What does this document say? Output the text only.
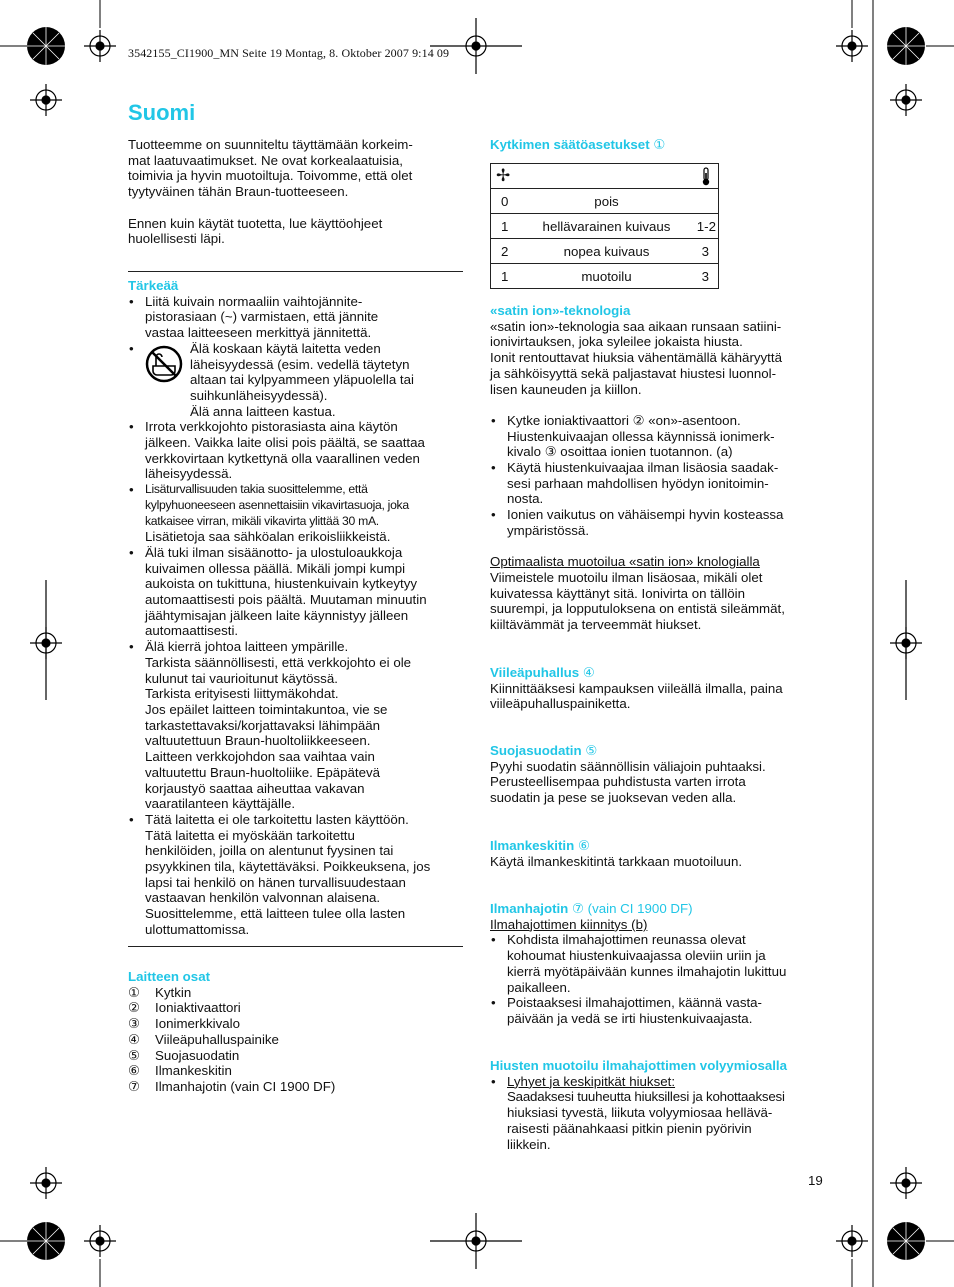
3542155_CI1900_MN Seite 19 Montag, 8. Oktober 2007 9:14 09
Suomi

Tuotteemme on suunniteltu täyttämään korkeim-

mat laatuvaatimukset. Ne ovat korkealaatuisia,

toimivia ja hyvin muotoiltuja. Toivomme, että olet

tyytyväinen tähän Braun-tuotteeseen.

Ennen kuin käytät tuotetta, lue käyttöohjeet

huolellisesti läpi.

Tärkeää

• Liitä kuivain normaaliin vaihtojännite-

pistorasiaan (~) varmistaen, että jännite

vastaa laitteeseen merkittyä jännitettä.

• Älä koskaan käytä laitetta veden

läheisyydessä (esim. vedellä täytetyn

altaan tai kylpyammeen yläpuolella tai

suihkunläheisyydessä).

Älä anna laitteen kastua.

• Irrota verkkojohto pistorasiasta aina käytön

jälkeen. Vaikka laite olisi pois päältä, se saattaa

verkkovirtaan kytkettynä olla vaarallinen veden

läheisyydessä.

• Lisäturvallisuuden takia suosittelemme, että

kylpyhuoneeseen asennettaisiin vikavirtasuoja, joka

katkaisee virran, mikäli vikavirta ylittää 30 mA.

Lisätietoja saa sähköalan erikoisliikkeistä.

• Älä tuki ilman sisäänotto- ja ulostuloaukkoja

kuivaimen ollessa päällä. Mikäli jompi kumpi

aukoista on tukittuna, hiustenkuivain kytkeytyy

automaattisesti pois päältä. Muutaman minuutin

jäähtymisajan jälkeen laite käynnistyy jälleen

automaattisesti.

• Älä kierrä johtoa laitteen ympärille.

Tarkista säännöllisesti, että verkkojohto ei ole

kulunut tai vaurioitunut käytössä.

Tarkista erityisesti liittymäkohdat.

Jos epäilet laitteen toimintakuntoa, vie se

tarkastettavaksi/korjattavaksi lähimpään

valtuutettuun Braun-huoltoliikkeeseen.

Laitteen verkkojohdon saa vaihtaa vain

valtuutettu Braun-huoltoliike. Epäpätevä

korjaustyö saattaa aiheuttaa vakavan

vaaratilanteen käyttäjälle.

• Tätä laitetta ei ole tarkoitettu lasten käyttöön.

Tätä laitetta ei myöskään tarkoitettu

henkilöiden, joilla on alentunut fyysinen tai

psyykkinen tila, käytettäväksi. Poikkeuksena, jos

lapsi tai henkilö on hänen turvallisuudestaan

vastaavan henkilön valvonnan alaisena.

Suosittelemme, että laitteen tulee olla lasten

ulottumattomissa.

Laitteen osat

① Kytkin
② Ioniaktivaattori
③ Ionimerkkivalo
④ Viileäpuhalluspainike
⑤ Suojasuodatin
⑥ Ilmankeskitin
⑦ Ilmanhajotin (vain CI 1900 DF)

Kytkimen säätöasetukset ①

✢		

0	pois	
1	hellävarainen kuivaus	1-2
2	nopea kuivaus	3
1	muotoilu	3

«satin ion»-teknologia

«satin ion»-teknologia saa aikaan runsaan satiini-

ionivirtauksen, joka syleilee jokaista hiusta.

Ionit rentouttavat hiuksia vähentämällä kähäryyttä

ja sähköisyyttä sekä paljastavat hiustesi luonnol-

lisen kauneuden ja kiillon.

• Kytke ioniaktivaattori ② «on»-asentoon.

Hiustenkuivaajan ollessa käynnissä ionimerk-

kivalo ③ osoittaa ionien tuotannon. (a)

• Käytä hiustenkuivaajaa ilman lisäosia saadak-

sesi parhaan mahdollisen hyödyn ionitoimin-

nosta.

• Ionien vaikutus on vähäisempi hyvin kosteassa

ympäristössä.

Optimaalista muotoilua «satin ion» knologialla

Viimeistele muotoilu ilman lisäosaa, mikäli olet

kuivatessa käyttänyt sitä. Ionivirta on tällöin

suurempi, ja lopputuloksena on entistä sileämmät,

kiiltävämmät ja terveemmät hiukset.

Viileäpuhallus ④

Kiinnittääksesi kampauksen viileällä ilmalla, paina

viileäpuhalluspainiketta.

Suojasuodatin ⑤

Pyyhi suodatin säännöllisin väliajoin puhtaaksi.

Perusteellisempaa puhdistusta varten irrota

suodatin ja pese se juoksevan veden alla.

Ilmankeskitin ⑥

Käytä ilmankeskitintä tarkkaan muotoiluun.

Ilmanhajotin ⑦ (vain CI 1900 DF)

Ilmahajottimen kiinnitys (b)

• Kohdista ilmahajottimen reunassa olevat

kohoumat hiustenkuivaajassa oleviin uriin ja

kierrä myötäpäivään kunnes ilmahajotin lukittuu

paikalleen.

• Poistaaksesi ilmahajottimen, käännä vasta-

päivään ja vedä se irti hiustenkuivaajasta.

Hiusten muotoilu ilmahajottimen volyymiosalla

• Lyhyet ja keskipitkät hiukset:

Saadaksesi tuuheutta hiuksillesi ja kohottaaksesi

hiuksiasi tyvestä, liikuta volyymiosaa hellävä-

raisesti päänahkaasi pitkin pienin pyörivin

liikkein.

19
